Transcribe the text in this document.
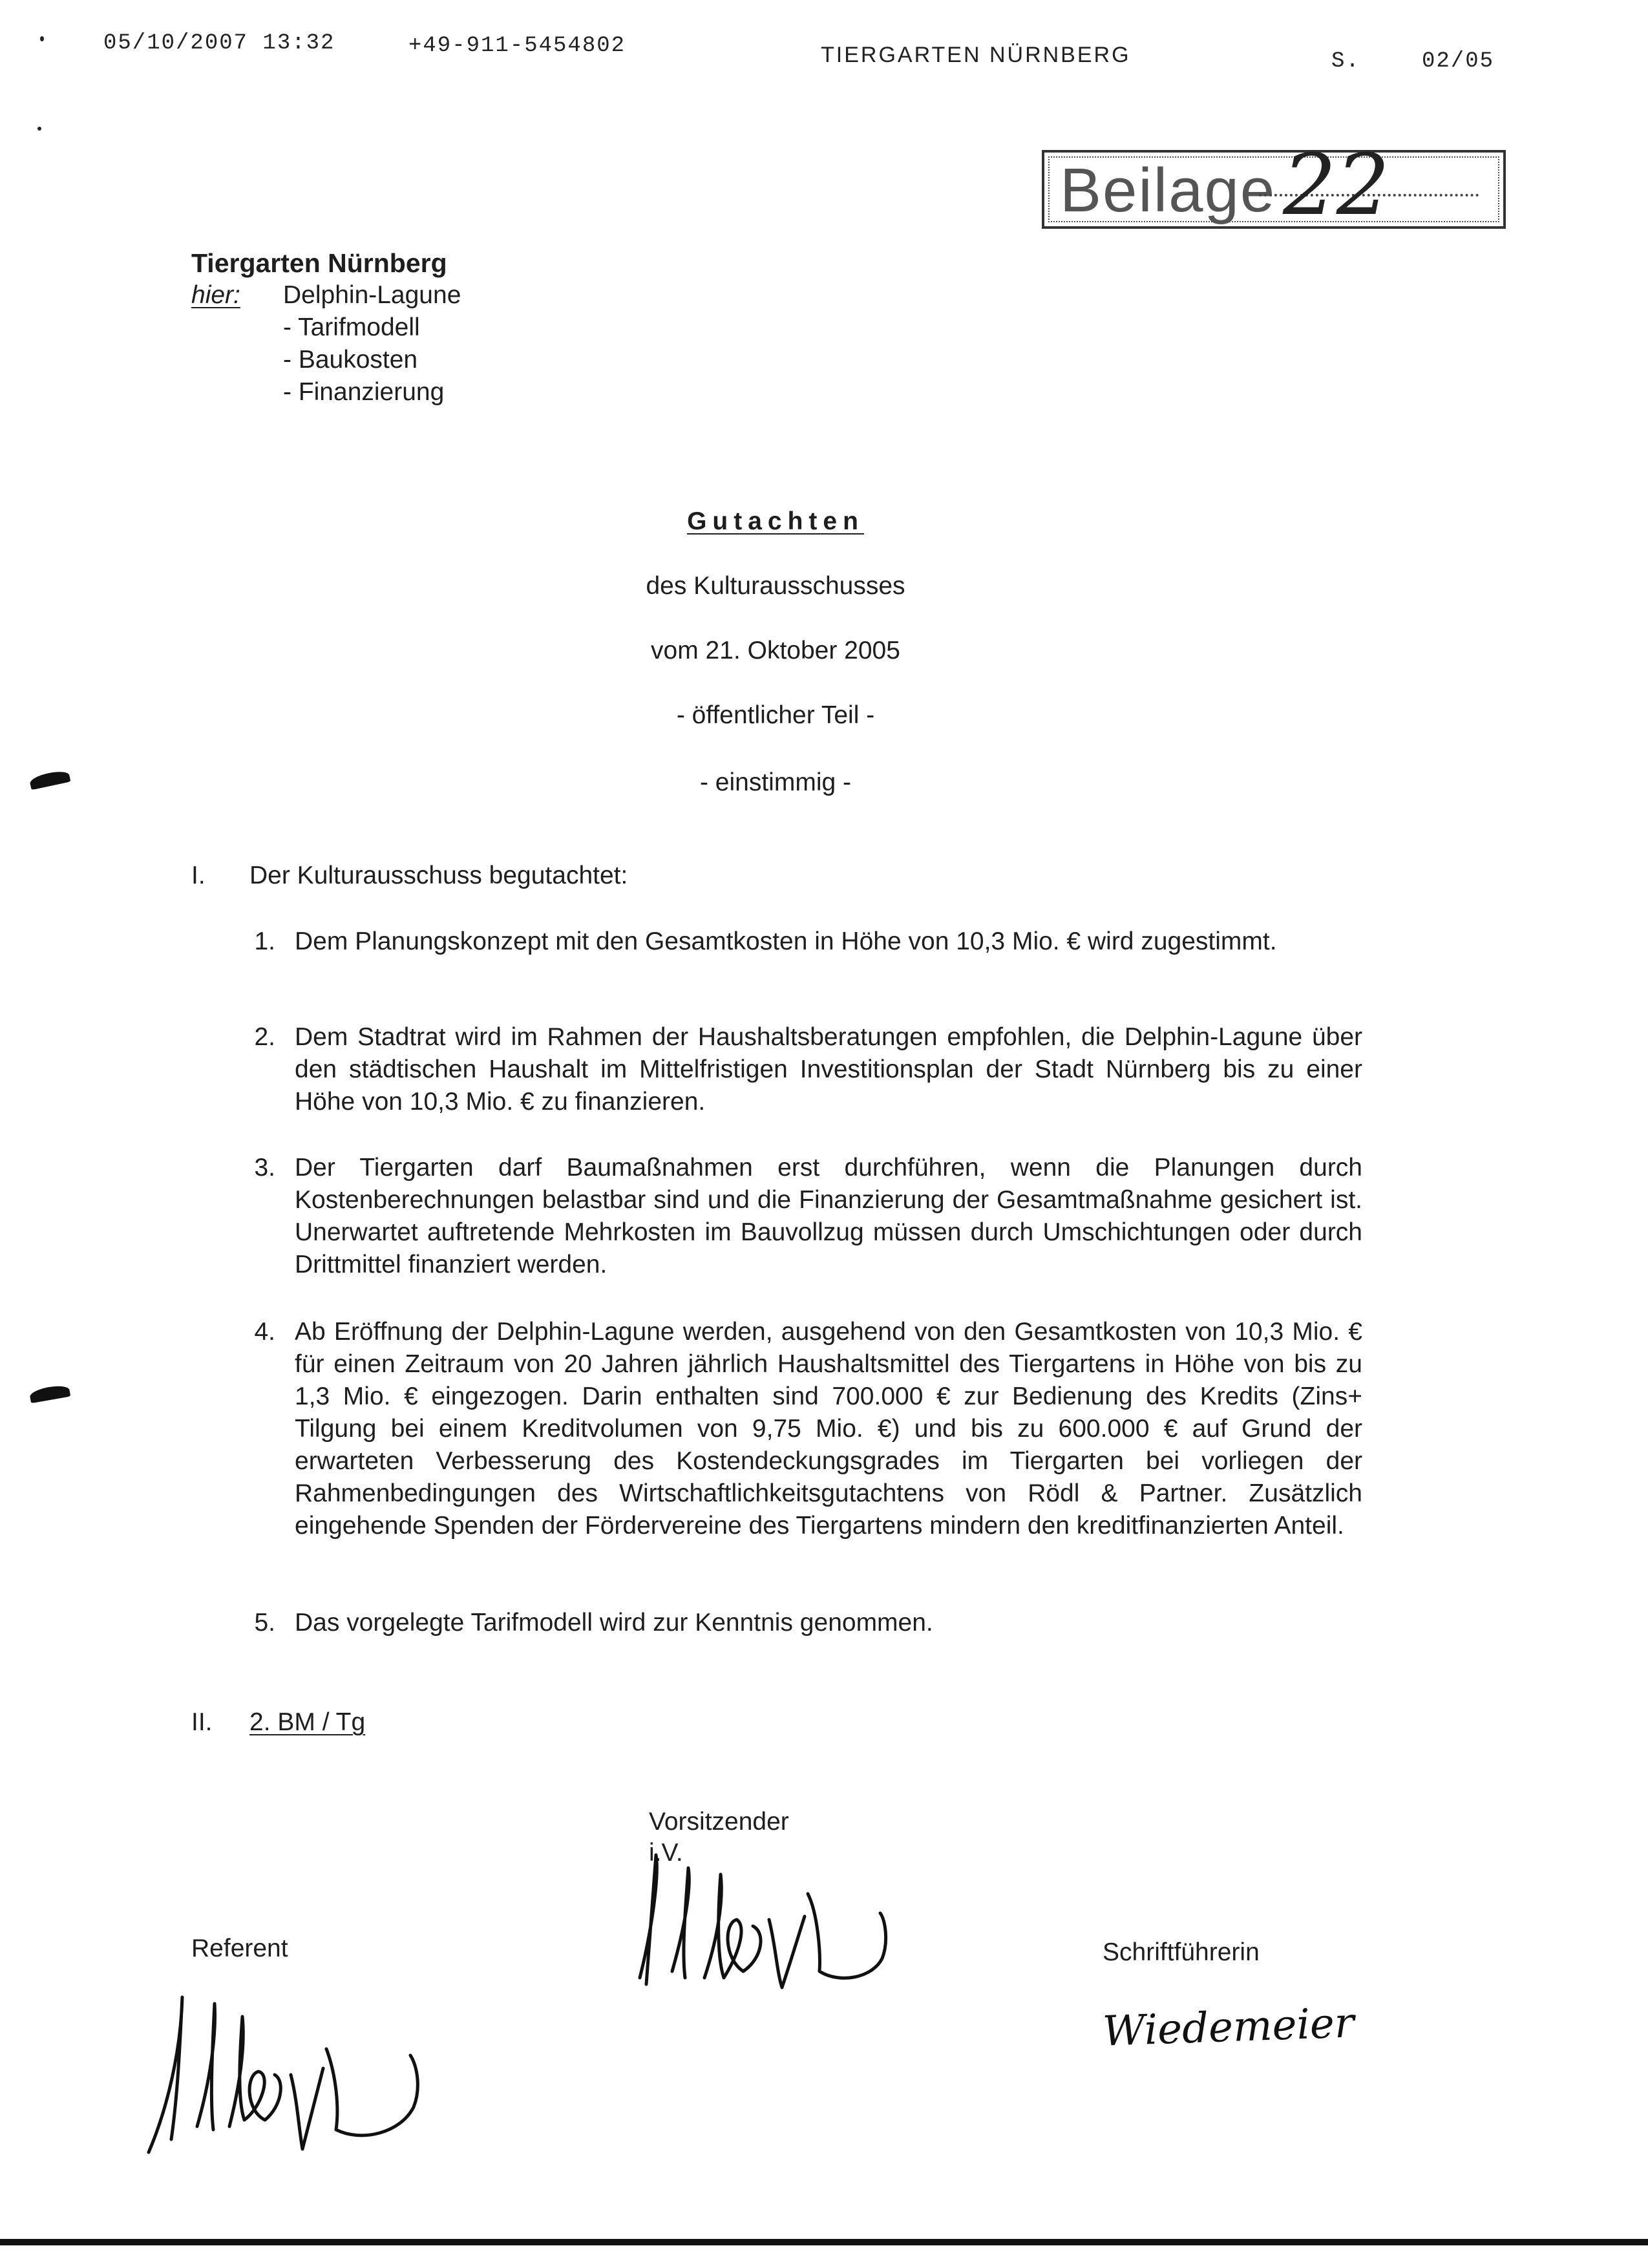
05/10/2007 13:32	+49-911-5454802	TIERGARTEN NÜRNBERG	S.	02/05
Beilage 22
Tiergarten Nürnberg
hier: Delphin-Lagune
- Tarifmodell
- Baukosten
- Finanzierung
Gutachten
des Kulturausschusses
vom 21. Oktober 2005
- öffentlicher Teil -
- einstimmig -
I. Der Kulturausschuss begutachtet:
1. Dem Planungskonzept mit den Gesamtkosten in Höhe von 10,3 Mio. € wird zugestimmt.
2. Dem Stadtrat wird im Rahmen der Haushaltsberatungen empfohlen, die Delphin-Lagune über den städtischen Haushalt im Mittelfristigen Investitionsplan der Stadt Nürnberg bis zu einer Höhe von 10,3 Mio. € zu finanzieren.
3. Der Tiergarten darf Baumaßnahmen erst durchführen, wenn die Planungen durch Kostenberechnungen belastbar sind und die Finanzierung der Gesamtmaßnahme gesichert ist. Unerwartet auftretende Mehrkosten im Bauvollzug müssen durch Umschichtungen oder durch Drittmittel finanziert werden.
4. Ab Eröffnung der Delphin-Lagune werden, ausgehend von den Gesamtkosten von 10,3 Mio. € für einen Zeitraum von 20 Jahren jährlich Haushaltsmittel des Tiergartens in Höhe von bis zu 1,3 Mio. € eingezogen. Darin enthalten sind 700.000 € zur Bedienung des Kredits (Zins+ Tilgung bei einem Kreditvolumen von 9,75 Mio. €) und bis zu 600.000 € auf Grund der erwarteten Verbesserung des Kostendeckungsgrades im Tiergarten bei vorliegen der Rahmenbedingungen des Wirtschaftlichkeitsgutachtens von Rödl & Partner. Zusätzlich eingehende Spenden der Fördervereine des Tiergartens mindern den kreditfinanzierten Anteil.
5. Das vorgelegte Tarifmodell wird zur Kenntnis genommen.
II. 2. BM / Tg
Vorsitzender
i.V.
Referent	Schriftführerin
Wiedemeier
